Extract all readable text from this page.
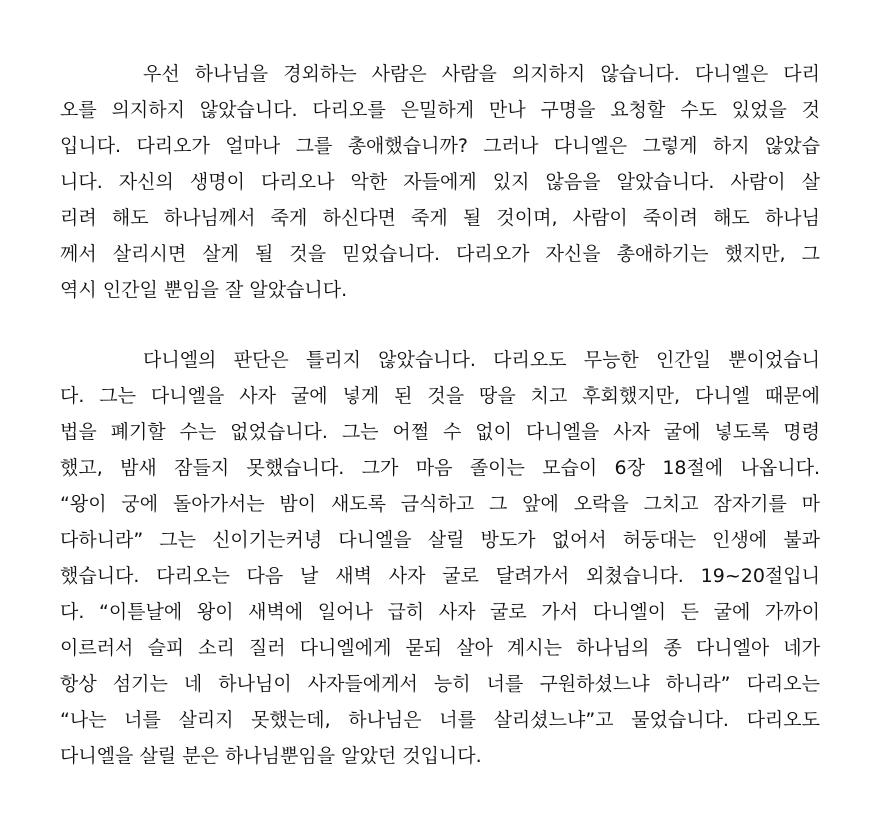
우선 하나님을 경외하는 사람은 사람을 의지하지 않습니다. 다니엘은 다리
오를 의지하지 않았습니다. 다리오를 은밀하게 만나 구명을 요청할 수도 있었을 것
입니다. 다리오가 얼마나 그를 총애했습니까? 그러나 다니엘은 그렇게 하지 않았습
니다. 자신의 생명이 다리오나 악한 자들에게 있지 않음을 알았습니다. 사람이 살
리려 해도 하나님께서 죽게 하신다면 죽게 될 것이며, 사람이 죽이려 해도 하나님
께서 살리시면 살게 될 것을 믿었습니다. 다리오가 자신을 총애하기는 했지만, 그
역시 인간일 뿐임을 잘 알았습니다.

다니엘의 판단은 틀리지 않았습니다. 다리오도 무능한 인간일 뿐이었습니
다. 그는 다니엘을 사자 굴에 넣게 된 것을 땅을 치고 후회했지만, 다니엘 때문에
법을 폐기할 수는 없었습니다. 그는 어쩔 수 없이 다니엘을 사자 굴에 넣도록 명령
했고, 밤새 잠들지 못했습니다. 그가 마음 졸이는 모습이 6장 18절에 나옵니다.
“왕이 궁에 돌아가서는 밤이 새도록 금식하고 그 앞에 오락을 그치고 잠자기를 마
다하니라” 그는 신이기는커녕 다니엘을 살릴 방도가 없어서 허둥대는 인생에 불과
했습니다. 다리오는 다음 날 새벽 사자 굴로 달려가서 외쳤습니다. 19~20절입니
다. “이튿날에 왕이 새벽에 일어나 급히 사자 굴로 가서 다니엘이 든 굴에 가까이
이르러서 슬피 소리 질러 다니엘에게 묻되 살아 계시는 하나님의 종 다니엘아 네가
항상 섬기는 네 하나님이 사자들에게서 능히 너를 구원하셨느냐 하니라” 다리오는
“나는 너를 살리지 못했는데, 하나님은 너를 살리셨느냐”고 물었습니다. 다리오도
다니엘을 살릴 분은 하나님뿐임을 알았던 것입니다.
